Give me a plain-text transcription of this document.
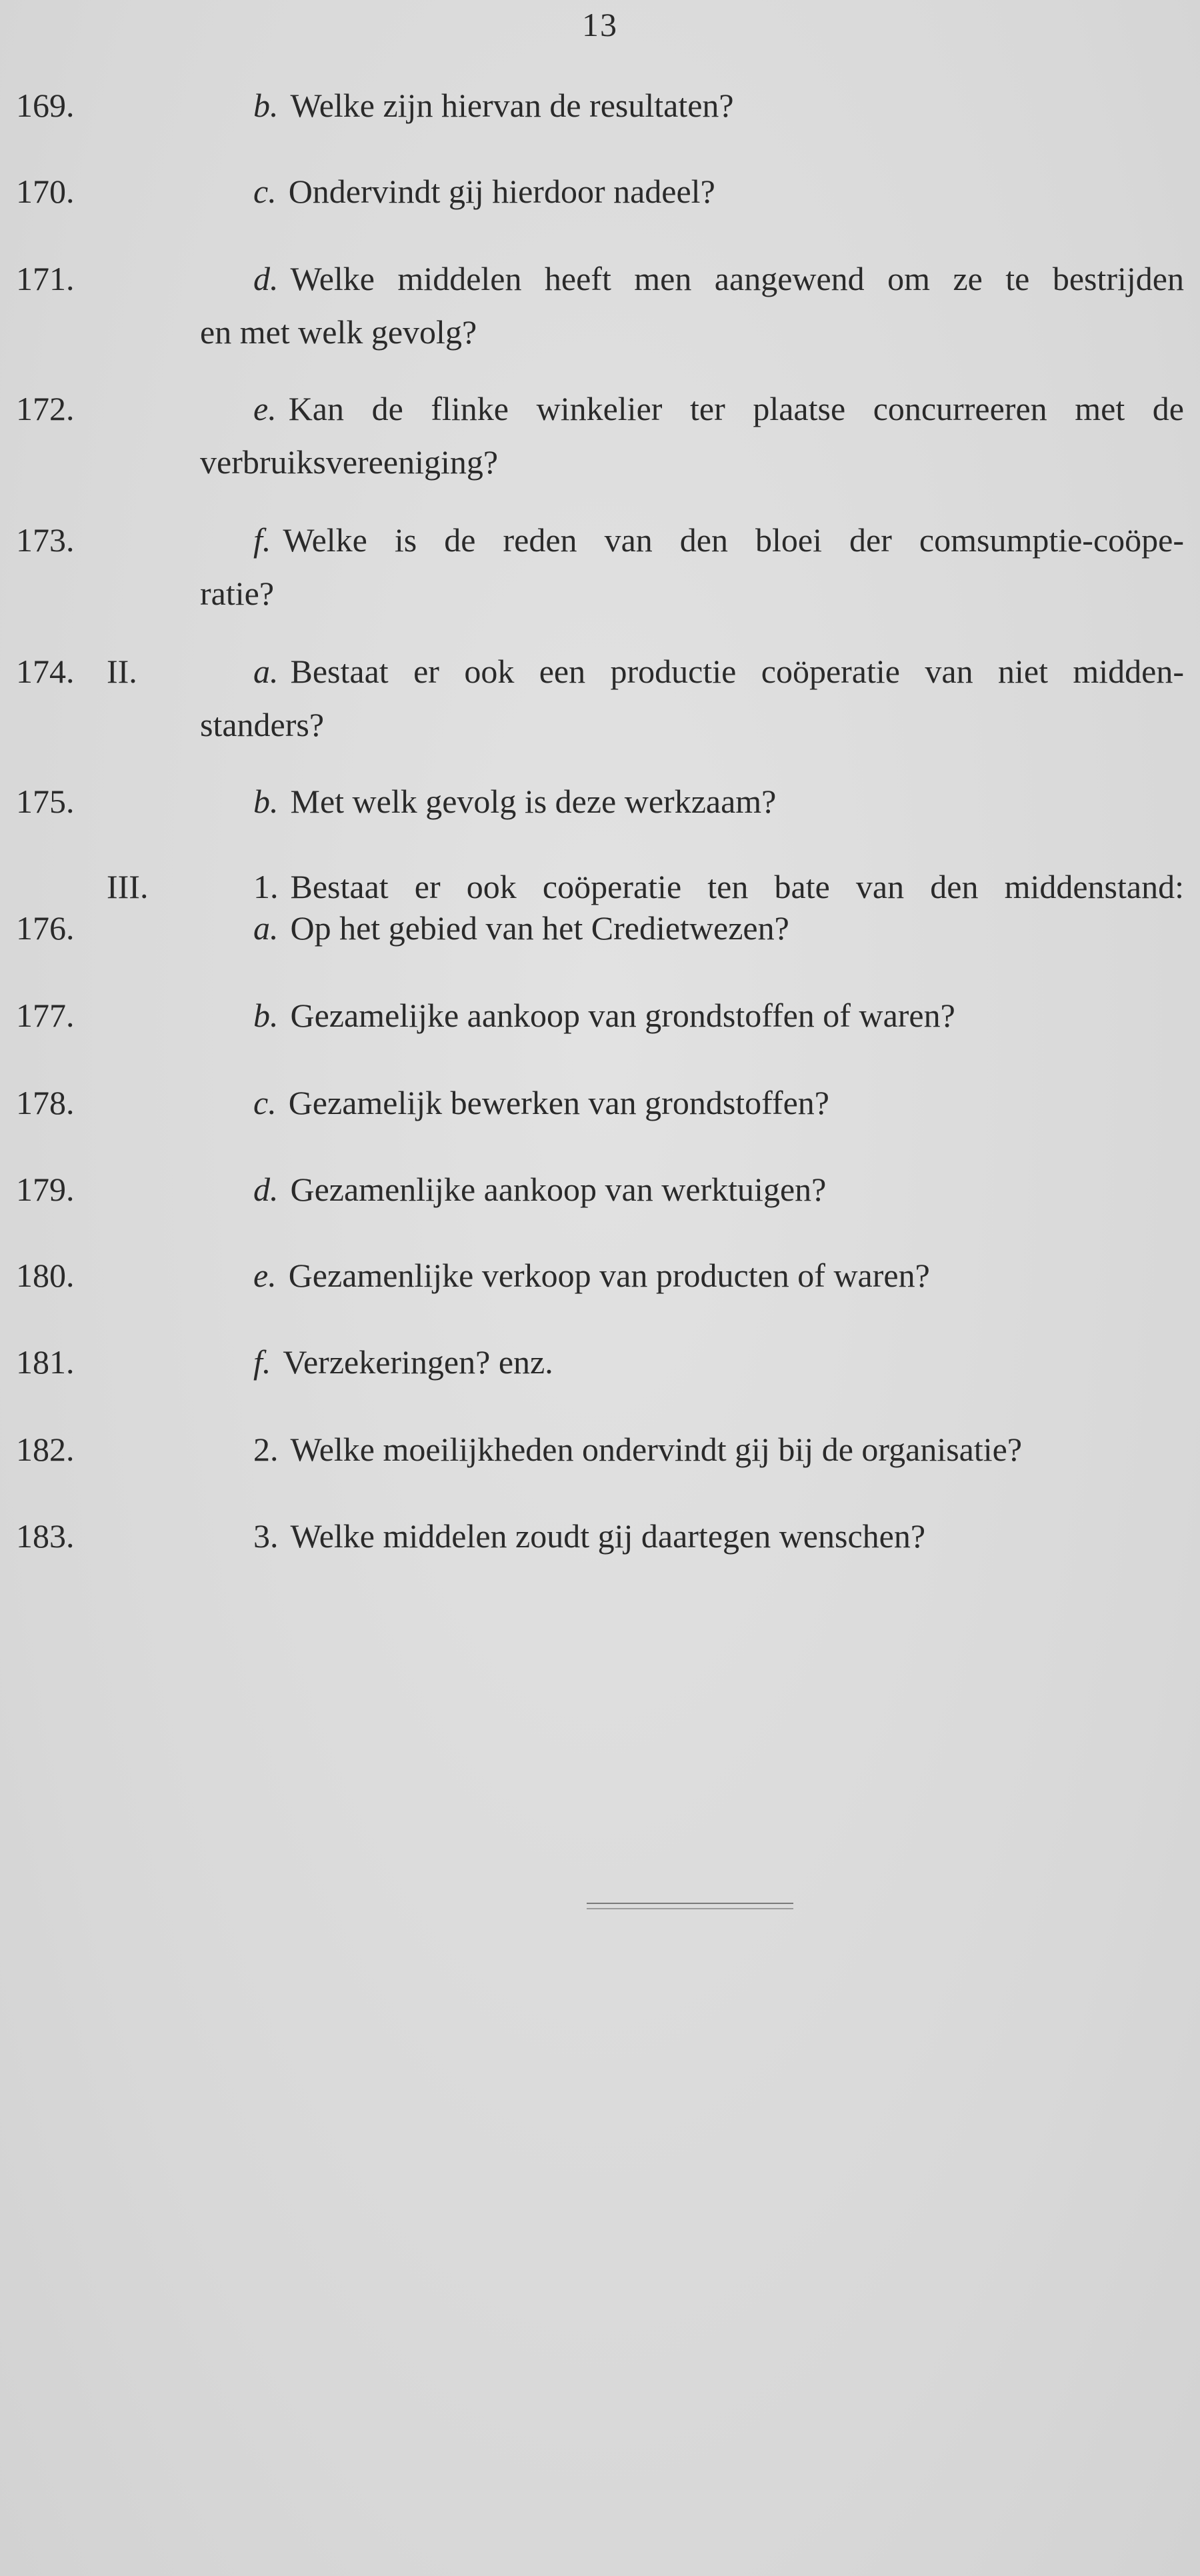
13
169.	b. Welke zijn hiervan de resultaten?
170.	c. Ondervindt gij hierdoor nadeel?
171.	d. Welke middelen heeft men aangewend om ze te bestrijden
en met welk gevolg?
172.	e. Kan de flinke winkelier ter plaatse concurreeren met de
verbruiksvereeniging?
173.	f. Welke is de reden van den bloei der comsumptie-coöpe-
ratie?
174. II.	a. Bestaat er ook een productie coöperatie van niet midden-
standers?
175.	b. Met welk gevolg is deze werkzaam?
III.	1. Bestaat er ook coöperatie ten bate van den middenstand:
176.	a. Op het gebied van het Credietwezen?
177.	b. Gezamelijke aankoop van grondstoffen of waren?
178.	c. Gezamelijk bewerken van grondstoffen?
179.	d. Gezamenlijke aankoop van werktuigen?
180.	e. Gezamenlijke verkoop van producten of waren?
181.	f. Verzekeringen? enz.
182.	2. Welke moeilijkheden ondervindt gij bij de organisatie?
183.	3. Welke middelen zoudt gij daartegen wenschen?
